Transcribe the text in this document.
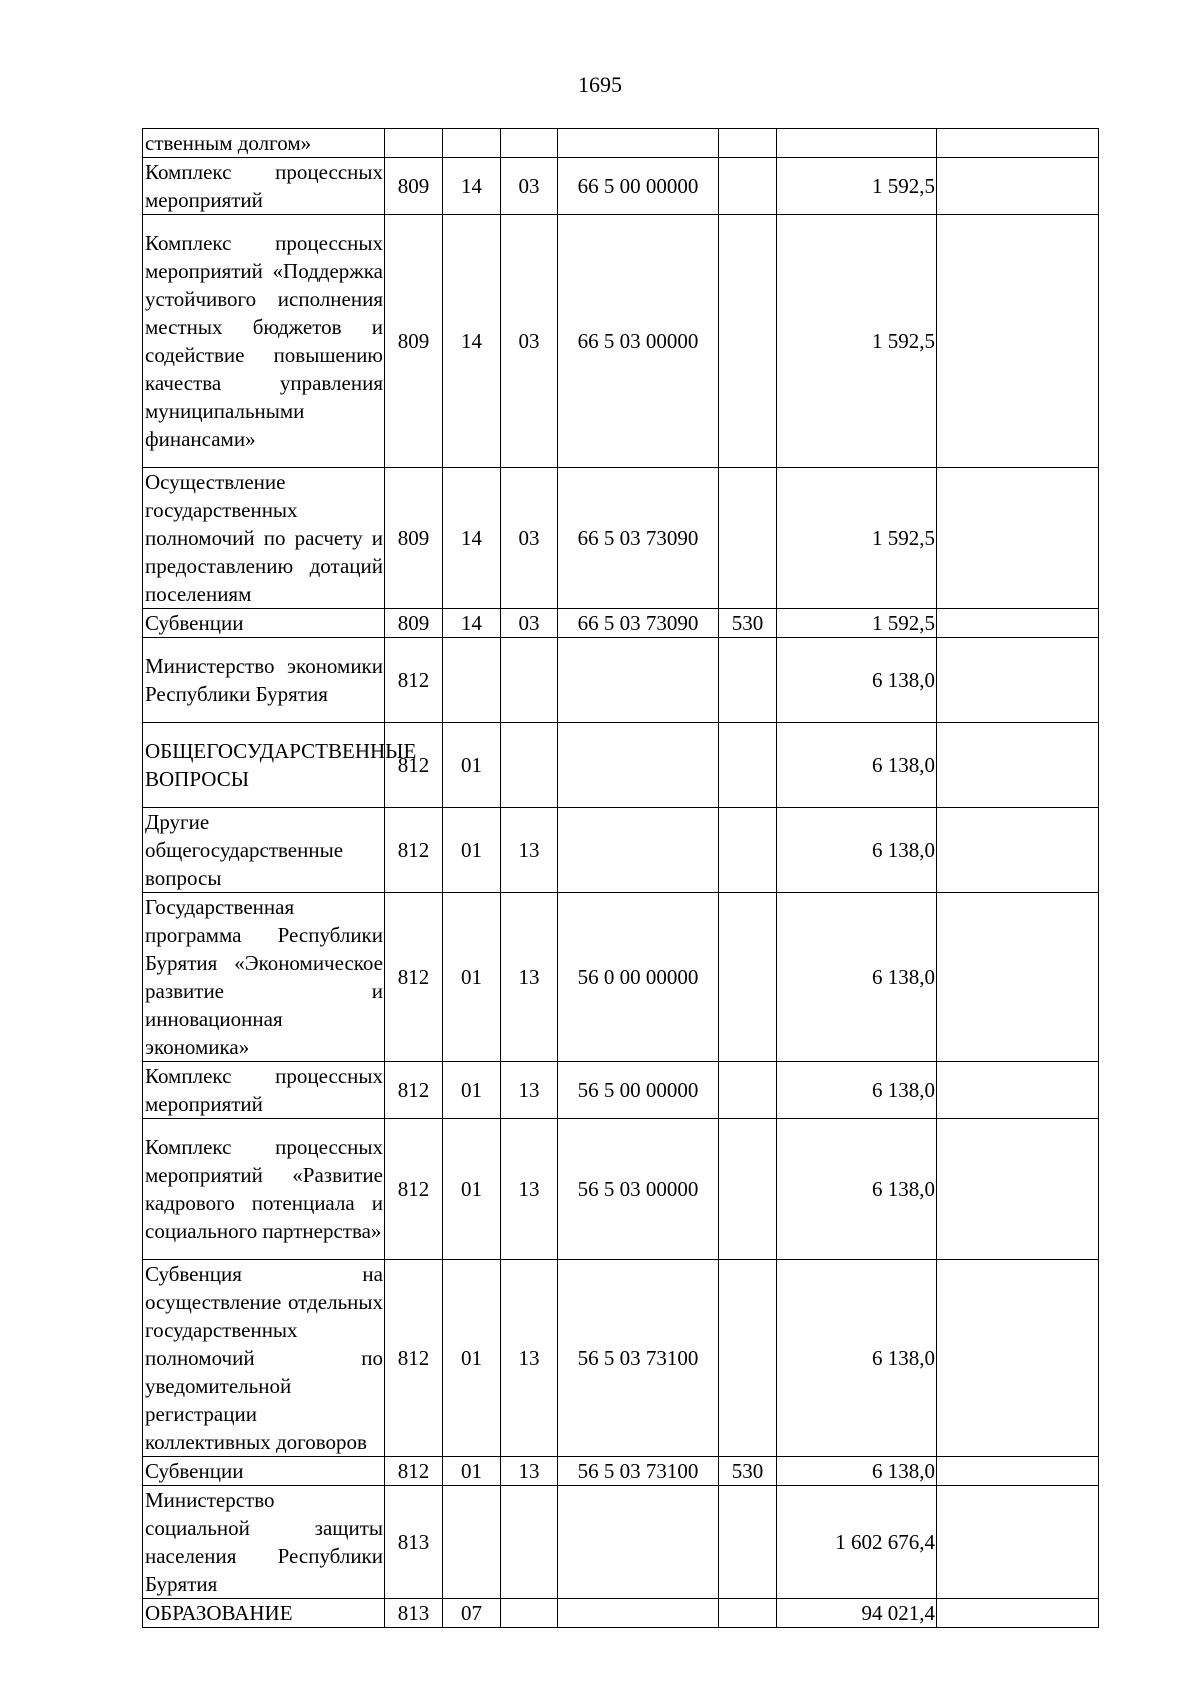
1695
ственным долгом»							
Комплекс процессных мероприятий	809	14	03	66 5 00 00000		1 592,5	
Комплекс процессных мероприятий «Поддержка устойчивого исполнения местных бюджетов и содействие повышению качества управления муниципальными финансами»	809	14	03	66 5 03 00000		1 592,5	
Осуществление государственных полномочий по расчету и предоставлению дотаций поселениям	809	14	03	66 5 03 73090		1 592,5	
Субвенции	809	14	03	66 5 03 73090	530	1 592,5	
Министерство экономики Республики Бурятия	812					6 138,0	
ОБЩЕГОСУДАРСТВЕННЫЕ ВОПРОСЫ	812	01				6 138,0	
Другие общегосударственные вопросы	812	01	13			6 138,0	
Государственная программа Республики Бурятия «Экономическое развитие и инновационная экономика»	812	01	13	56 0 00 00000		6 138,0	
Комплекс процессных мероприятий	812	01	13	56 5 00 00000		6 138,0	
Комплекс процессных мероприятий «Развитие кадрового потенциала и социального партнерства»	812	01	13	56 5 03 00000		6 138,0	
Субвенция на осуществление отдельных государственных полномочий по уведомительной регистрации коллективных договоров	812	01	13	56 5 03 73100		6 138,0	
Субвенции	812	01	13	56 5 03 73100	530	6 138,0	
Министерство социальной защиты населения Республики Бурятия	813					1 602 676,4	
ОБРАЗОВАНИЕ	813	07				94 021,4	
